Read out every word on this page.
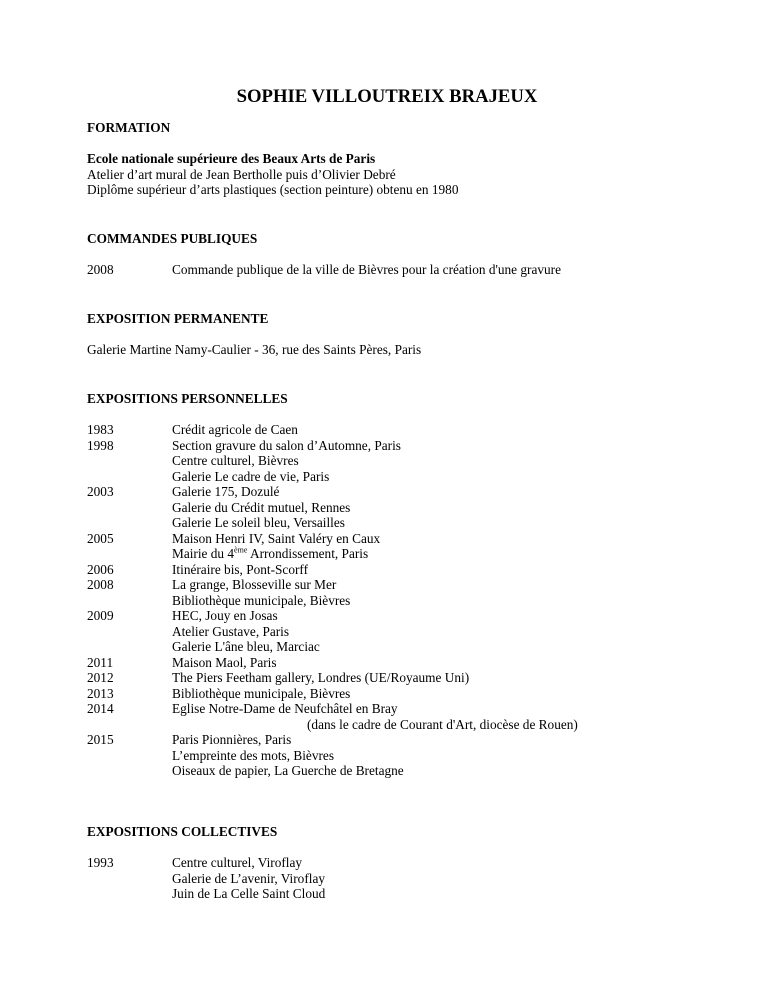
SOPHIE VILLOUTREIX BRAJEUX

FORMATION

Ecole nationale supérieure des Beaux Arts de Paris
Atelier d’art mural de Jean Bertholle puis d’Olivier Debré
Diplôme supérieur d’arts plastiques (section peinture) obtenu en 1980

COMMANDES PUBLIQUES

2008	Commande publique de la ville de Bièvres pour la création d'une gravure

EXPOSITION PERMANENTE

Galerie Martine Namy-Caulier - 36, rue des Saints Pères, Paris

EXPOSITIONS PERSONNELLES

1983	Crédit agricole de Caen
1998	Section gravure du salon d’Automne, Paris
Centre culturel, Bièvres
Galerie Le cadre de vie, Paris
2003	Galerie 175, Dozulé
Galerie du Crédit mutuel, Rennes
Galerie Le soleil bleu, Versailles
2005	Maison Henri IV, Saint Valéry en Caux
Mairie du 4ème Arrondissement, Paris
2006	Itinéraire bis, Pont-Scorff
2008	La grange, Blosseville sur Mer
Bibliothèque municipale, Bièvres
2009	HEC, Jouy en Josas
Atelier Gustave, Paris
Galerie L'âne bleu, Marciac
2011	Maison Maol, Paris
2012	The Piers Feetham gallery, Londres (UE/Royaume Uni)
2013	Bibliothèque municipale, Bièvres
2014	Eglise Notre-Dame de Neufchâtel en Bray
(dans le cadre de Courant d'Art, diocèse de Rouen)
2015	Paris Pionnières, Paris
L’empreinte des mots, Bièvres
Oiseaux de papier, La Guerche de Bretagne

EXPOSITIONS COLLECTIVES

1993	Centre culturel, Viroflay
Galerie de L’avenir, Viroflay
Juin de La Celle Saint Cloud
